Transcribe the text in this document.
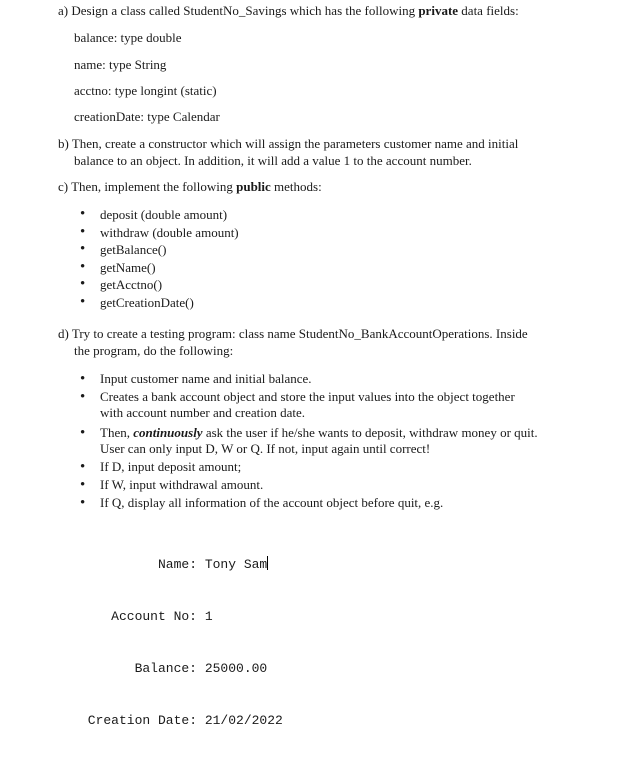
a) Design a class called StudentNo_Savings which has the following private data fields:
balance: type double
name: type String
acctno: type longint (static)
creationDate: type Calendar
b) Then, create a constructor which will assign the parameters customer name and initial
balance to an object. In addition, it will add a value 1 to the account number.
c) Then, implement the following public methods:
• deposit (double amount)
• withdraw (double amount)
• getBalance()
• getName()
• getAcctno()
• getCreationDate()
d) Try to create a testing program: class name StudentNo_BankAccountOperations. Inside
the program, do the following:
• Input customer name and initial balance.
• Creates a bank account object and store the input values into the object together
with account number and creation date.
• Then, continuously ask the user if he/she wants to deposit, withdraw money or quit.
User can only input D, W or Q. If not, input again until correct!
• If D, input deposit amount;
• If W, input withdrawal amount.
• If Q, display all information of the account object before quit, e.g.

Name: Tony Sam

Account No: 1

Balance: 25000.00

Creation Date: 21/02/2022
